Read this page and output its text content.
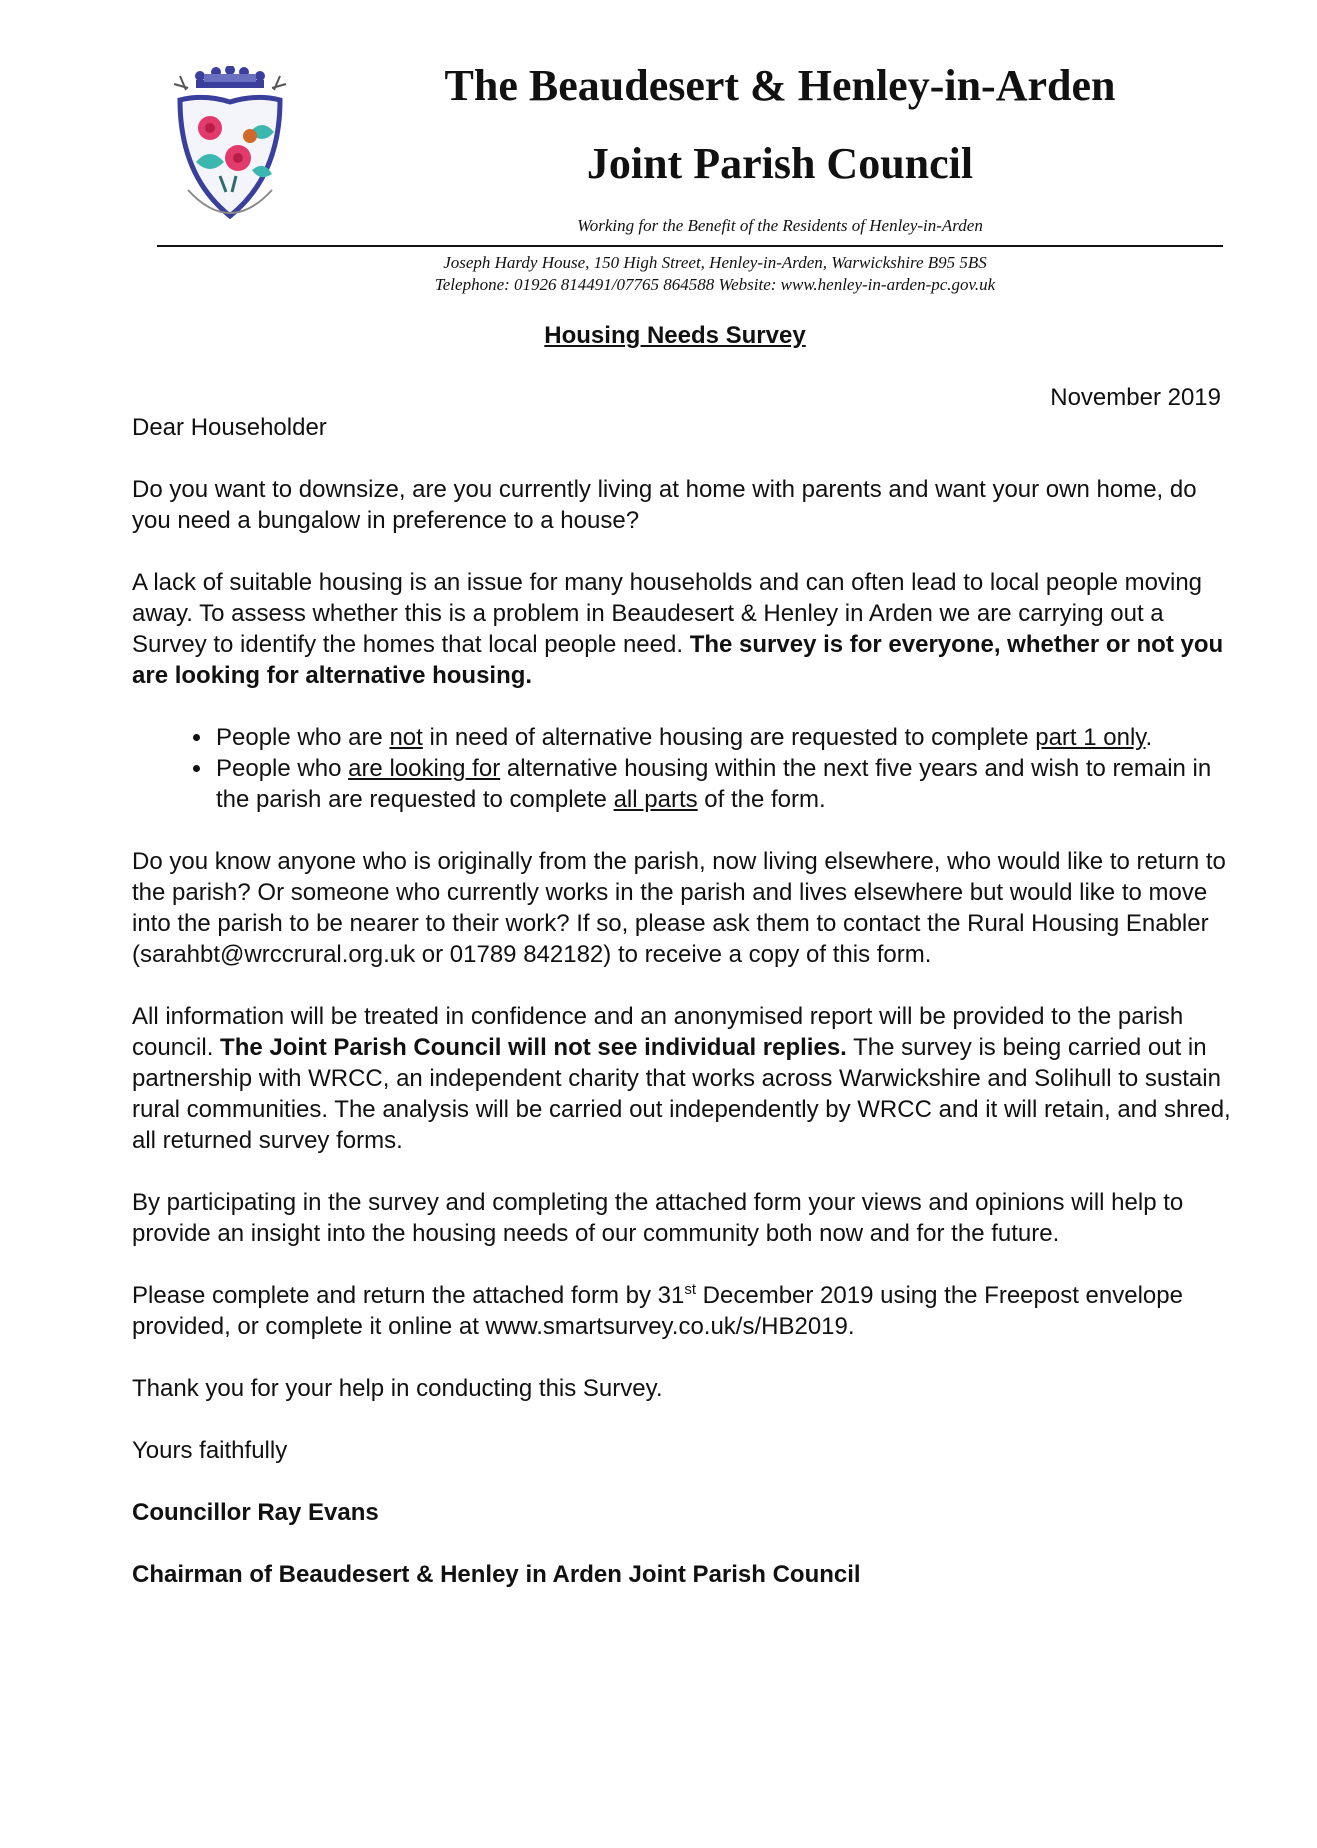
The Beaudesert & Henley-in-Arden
Joint Parish Council
Working for the Benefit of the Residents of Henley-in-Arden
Joseph Hardy House, 150 High Street, Henley-in-Arden, Warwickshire B95 5BS
Telephone: 01926 814491/07765 864588 Website: www.henley-in-arden-pc.gov.uk
Housing Needs Survey
November 2019

Dear Householder

Do you want to downsize, are you currently living at home with parents and want your own home, do you need a bungalow in preference to a house?

A lack of suitable housing is an issue for many households and can often lead to local people moving away. To assess whether this is a problem in Beaudesert & Henley in Arden we are carrying out a Survey to identify the homes that local people need. The survey is for everyone, whether or not you are looking for alternative housing.

• People who are not in need of alternative housing are requested to complete part 1 only.
• People who are looking for alternative housing within the next five years and wish to remain in the parish are requested to complete all parts of the form.

Do you know anyone who is originally from the parish, now living elsewhere, who would like to return to the parish? Or someone who currently works in the parish and lives elsewhere but would like to move into the parish to be nearer to their work? If so, please ask them to contact the Rural Housing Enabler (sarahbt@wrccrural.org.uk or 01789 842182) to receive a copy of this form.

All information will be treated in confidence and an anonymised report will be provided to the parish council. The Joint Parish Council will not see individual replies. The survey is being carried out in partnership with WRCC, an independent charity that works across Warwickshire and Solihull to sustain rural communities. The analysis will be carried out independently by WRCC and it will retain, and shred, all returned survey forms.

By participating in the survey and completing the attached form your views and opinions will help to provide an insight into the housing needs of our community both now and for the future.

Please complete and return the attached form by 31st December 2019 using the Freepost envelope provided, or complete it online at www.smartsurvey.co.uk/s/HB2019.

Thank you for your help in conducting this Survey.

Yours faithfully

Councillor Ray Evans

Chairman of Beaudesert & Henley in Arden Joint Parish Council
